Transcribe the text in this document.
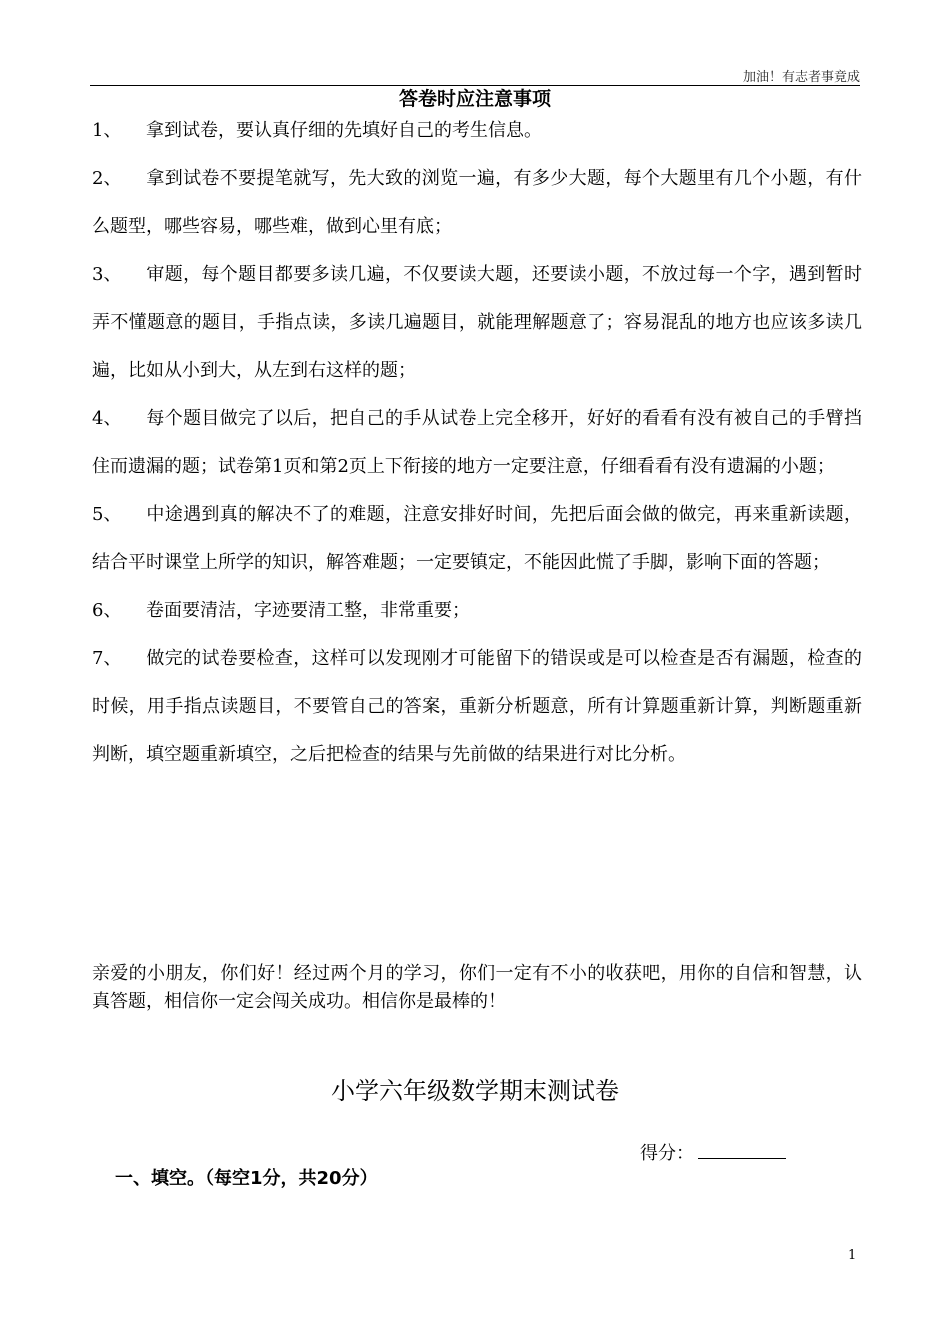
加油！有志者事竟成
答卷时应注意事项
1、 拿到试卷，要认真仔细的先填好自己的考生信息。
2、 拿到试卷不要提笔就写，先大致的浏览一遍，有多少大题，每个大题里有几个小题，有什么题型，哪些容易，哪些难，做到心里有底；
3、 审题，每个题目都要多读几遍，不仅要读大题，还要读小题，不放过每一个字，遇到暂时弄不懂题意的题目，手指点读，多读几遍题目，就能理解题意了；容易混乱的地方也应该多读几遍，比如从小到大，从左到右这样的题；
4、 每个题目做完了以后，把自己的手从试卷上完全移开，好好的看看有没有被自己的手臂挡住而遗漏的题；试卷第1页和第2页上下衔接的地方一定要注意，仔细看看有没有遗漏的小题；
5、 中途遇到真的解决不了的难题，注意安排好时间，先把后面会做的做完，再来重新读题，结合平时课堂上所学的知识，解答难题；一定要镇定，不能因此慌了手脚，影响下面的答题；
6、 卷面要清洁，字迹要清工整，非常重要；
7、 做完的试卷要检查，这样可以发现刚才可能留下的错误或是可以检查是否有漏题，检查的时候，用手指点读题目，不要管自己的答案，重新分析题意，所有计算题重新计算，判断题重新判断，填空题重新填空，之后把检查的结果与先前做的结果进行对比分析。
亲爱的小朋友，你们好！经过两个月的学习，你们一定有不小的收获吧，用你的自信和智慧，认真答题，相信你一定会闯关成功。相信你是最棒的！
小学六年级数学期末测试卷
得分：
一、填空。（每空1分，共20分）
1
